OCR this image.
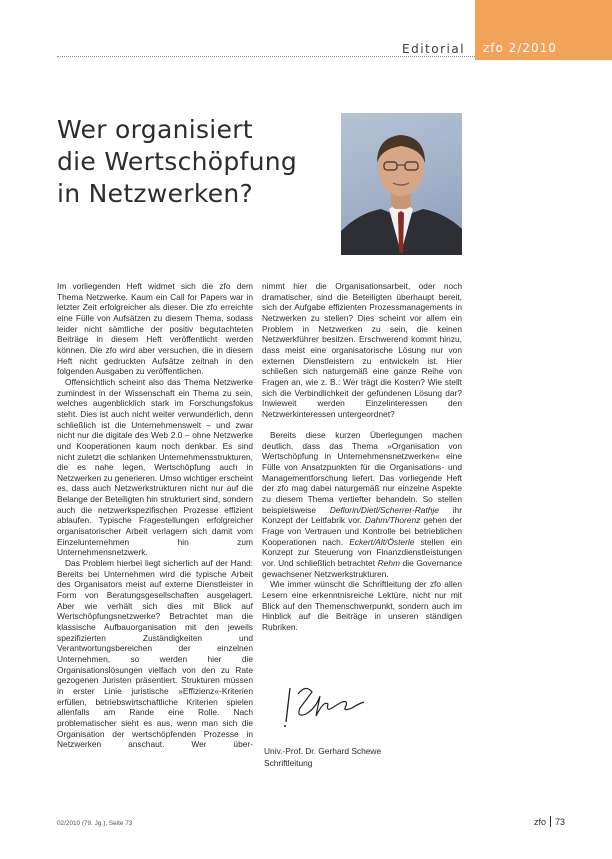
Editorial zfo 2/2010
Wer organisiert
die Wertschöpfung
in Netzwerken?

Im vorliegenden Heft widmet sich die zfo dem Thema Netzwerke. Kaum ein Call for Papers war in letzter Zeit erfolgreicher als dieser. Die zfo erreichte eine Fülle von Aufsätzen zu diesem Thema, sodass leider nicht sämtliche der positiv begutachteten Beiträge in diesem Heft veröffentlicht werden können. Die zfo wird aber versuchen, die in diesem Heft nicht gedruckten Aufsätze zeitnah in den folgenden Ausgaben zu veröffentlichen.

Offensichtlich scheint also das Thema Netzwerke zumindest in der Wissenschaft ein Thema zu sein, welches augenblicklich stark im Forschungsfokus steht. Dies ist auch nicht weiter verwunderlich, denn schließlich ist die Unternehmenswelt – und zwar nicht nur die digitale des Web 2.0 – ohne Netzwerke und Kooperationen kaum noch denkbar. Es sind nicht zuletzt die schlanken Unternehmensstrukturen, die es nahe legen, Wertschöpfung auch in Netzwerken zu generieren. Umso wichtiger erscheint es, dass auch Netzwerkstrukturen nicht nur auf die Belange der Beteiligten hin strukturiert sind, sondern auch die netzwerkspezifischen Prozesse effizient ablaufen. Typische Fragestellungen erfolgreicher organisatorischer Arbeit verlagern sich damit vom Einzelunternehmen hin zum Unternehmensnetzwerk.

Das Problem hierbei liegt sicherlich auf der Hand: Bereits bei Unternehmen wird die typische Arbeit des Organisators meist auf externe Dienstleister in Form von Beratungsgesellschaften ausgelagert. Aber wie verhält sich dies mit Blick auf Wertschöpfungsnetzwerke? Betrachtet man die klassische Aufbauorganisation mit den jeweils spezifizierten Zuständigkeiten und Verantwortungsbereichen der einzelnen Unternehmen, so werden hier die Organisationslösungen vielfach von den zu Rate gezogenen Juristen präsentiert. Strukturen müssen in erster Linie juristische »Effizienz«-Kriterien erfüllen, betriebswirtschaftliche Kriterien spielen allenfalls am Rande eine Rolle. Nach problematischer sieht es aus, wenn man sich die Organisation der wertschöpfenden Prozesse in Netzwerken anschaut. Wer über-

nimmt hier die Organisationsarbeit, oder noch dramatischer, sind die Beteiligten überhaupt bereit, sich der Aufgabe effizienten Prozessmanagements in Netzwerken zu stellen? Dies scheint vor allem ein Problem in Netzwerken zu sein, die keinen Netzwerkführer besitzen. Erschwerend kommt hinzu, dass meist eine organisatorische Lösung nur von externen Dienstleistern zu entwickeln ist. Hier schließen sich naturgemäß eine ganze Reihe von Fragen an, wie z. B.: Wer trägt die Kosten? Wie stellt sich die Verbindlichkeit der gefundenen Lösung dar? Inwieweit werden Einzelinteressen den Netzwerkinteressen untergeordnet?

Bereits diese kurzen Überlegungen machen deutlich, dass das Thema »Organisation von Wertschöpfung in Unternehmensnetzwerken« eine Fülle von Ansatzpunkten für die Organisations- und Managementforschung liefert. Das vorliegende Heft der zfo mag dabei naturgemäß nur einzelne Aspekte zu diesem Thema vertiefter behandeln. So stellen beispielsweise Deflorin/Dietl/Scherrer-Rathje ihr Konzept der Leitfabrik vor. Dahm/Thorenz gehen der Frage von Vertrauen und Kontrolle bei betrieblichen Kooperationen nach. Eckert/Alt/Österle stellen ein Konzept zur Steuerung von Finanzdienstleistungen vor. Und schließlich betrachtet Rehm die Governance gewachsener Netzwerkstrukturen.

Wie immer wünscht die Schriftleitung der zfo allen Lesern eine erkenntnisreiche Lektüre, nicht nur mit Blick auf den Themenschwerpunkt, sondern auch im Hinblick auf die Beiträge in unseren ständigen Rubriken.

Univ.-Prof. Dr. Gerhard Schewe
Schriftleitung
02/2010 (79. Jg.), Seite 73	zfo 73
